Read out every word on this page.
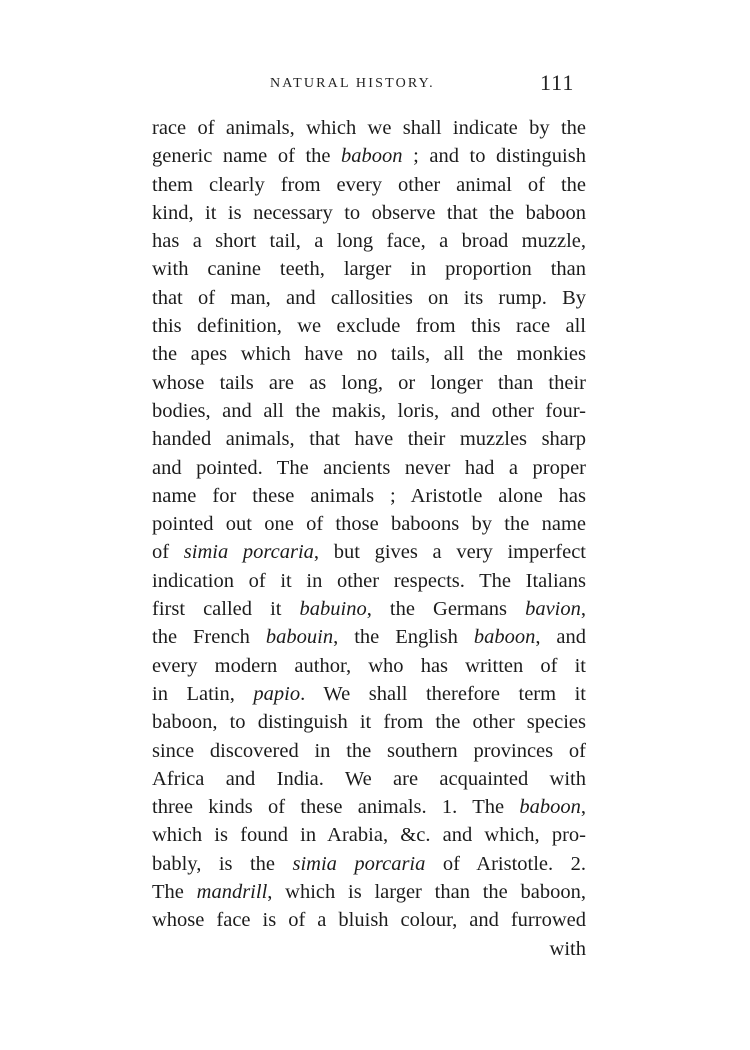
NATURAL HISTORY.	111
race of animals, which we shall indicate by the
generic name of the baboon ; and to distinguish
them clearly from every other animal of the
kind, it is necessary to observe that the baboon
has a short tail, a long face, a broad muzzle,
with canine teeth, larger in proportion than
that of man, and callosities on its rump. By
this definition, we exclude from this race all
the apes which have no tails, all the monkies
whose tails are as long, or longer than their
bodies, and all the makis, loris, and other four-
handed animals, that have their muzzles sharp
and pointed. The ancients never had a proper
name for these animals ; Aristotle alone has
pointed out one of those baboons by the name
of simia porcaria, but gives a very imperfect
indication of it in other respects. The Italians
first called it babuino, the Germans bavion,
the French babouin, the English baboon, and
every modern author, who has written of it
in Latin, papio. We shall therefore term it
baboon, to distinguish it from the other species
since discovered in the southern provinces of
Africa and India. We are acquainted with
three kinds of these animals. 1. The baboon,
which is found in Arabia, &c. and which, pro-
bably, is the simia porcaria of Aristotle. 2.
The mandrill, which is larger than the baboon,
whose face is of a bluish colour, and furrowed
with
